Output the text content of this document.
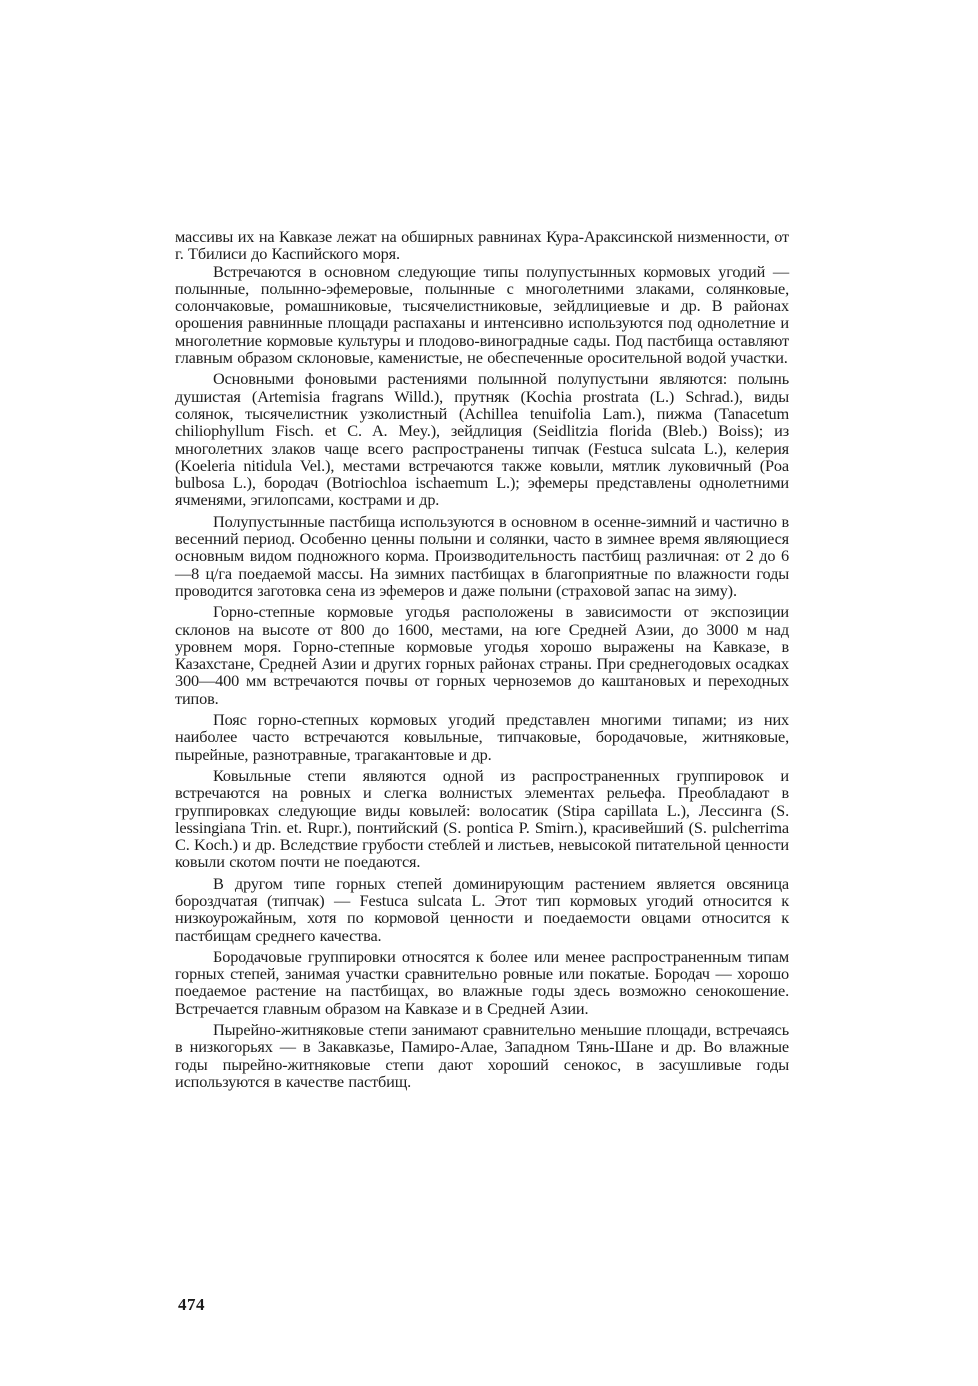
массивы их на Кавказе лежат на обширных равнинах Кура-Араксинской низменности, от г. Тбилиси до Каспийского моря.

Встречаются в основном следующие типы полупустынных кормовых угодий — полынные, полынно-эфемеровые, полынные с многолетними злаками, солянковые, солончаковые, ромашниковые, тысячелистниковые, зейдлициевые и др. В районах орошения равнинные площади распаханы и интенсивно используются под однолетние и многолетние кормовые культуры и плодово-виноградные сады. Под пастбища оставляют главным образом склоновые, каменистые, не обеспеченные оросительной водой участки.

Основными фоновыми растениями полынной полупустыни являются: полынь душистая (Artemisia fragrans Willd.), прутняк (Kochia prostrata (L.) Schrad.), виды солянок, тысячелистник узколистный (Achillea tenuifolia Lam.), пижма (Tanacetum chiliophyllum Fisch. et C. A. Mey.), зейдлиция (Seidlitzia florida (Bleb.) Boiss); из многолетних злаков чаще всего распространены типчак (Festuca sulcata L.), келерия (Koeleria nitidula Vel.), местами встречаются также ковыли, мятлик луковичный (Poa bulbosa L.), бородач (Botriochloa ischaemum L.); эфемеры представлены однолетними ячменями, эгилопсами, кострами и др.

Полупустынные пастбища используются в основном в осенне-зимний и частично в весенний период. Особенно ценны полыни и солянки, часто в зимнее время являющиеся основным видом подножного корма. Производительность пастбищ различная: от 2 до 6—8 ц/га поедаемой массы. На зимних пастбищах в благоприятные по влажности годы проводится заготовка сена из эфемеров и даже полыни (страховой запас на зиму).

Горно-степные кормовые угодья расположены в зависимости от экспозиции склонов на высоте от 800 до 1600, местами, на юге Средней Азии, до 3000 м над уровнем моря. Горно-степные кормовые угодья хорошо выражены на Кавказе, в Казахстане, Средней Азии и других горных районах страны. При среднегодовых осадках 300—400 мм встречаются почвы от горных черноземов до каштановых и переходных типов.

Пояс горно-степных кормовых угодий представлен многими типами; из них наиболее часто встречаются ковыльные, типчаковые, бородачовые, житняковые, пырейные, разнотравные, трагакантовые и др.

Ковыльные степи являются одной из распространенных группировок и встречаются на ровных и слегка волнистых элементах рельефа. Преобладают в группировках следующие виды ковылей: волосатик (Stipa capillata L.), Лессинга (S. lessingiana Trin. et. Rupr.), понтийский (S. pontica P. Smirn.), красивейший (S. pulcherrima C. Koch.) и др. Вследствие грубости стеблей и листьев, невысокой питательной ценности ковыли скотом почти не поедаются.

В другом типе горных степей доминирующим растением является овсяница бороздчатая (типчак) — Festuca sulcata L. Этот тип кормовых угодий относится к низкоурожайным, хотя по кормовой ценности и поедаемости овцами относится к пастбищам среднего качества.

Бородачовые группировки относятся к более или менее распространенным типам горных степей, занимая участки сравнительно ровные или покатые. Бородач — хорошо поедаемое растение на пастбищах, во влажные годы здесь возможно сенокошение. Встречается главным образом на Кавказе и в Средней Азии.

Пырейно-житняковые степи занимают сравнительно меньшие площади, встречаясь в низкогорьях — в Закавказье, Памиро-Алае, Западном Тянь-Шане и др. Во влажные годы пырейно-житняковые степи дают хороший сенокос, в засушливые годы используются в качестве пастбищ.

474
